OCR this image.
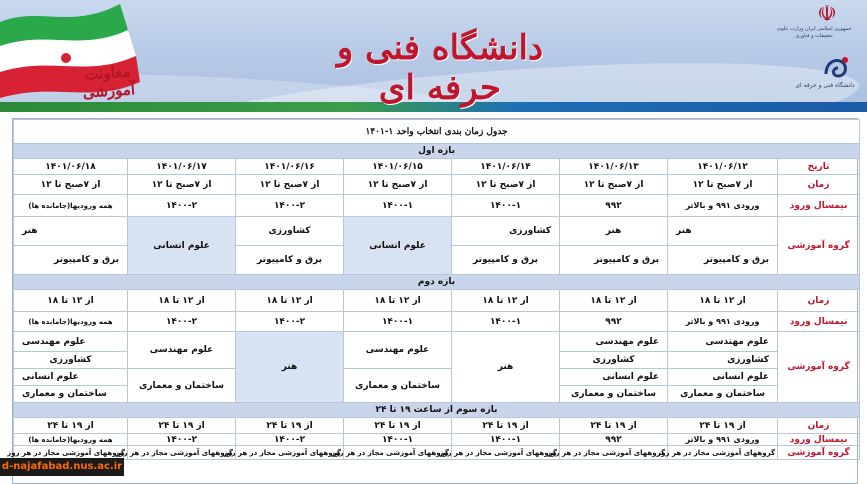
دانشگاه فنی و حرفه ای
معاونت آموزشی
☫
جمهوری اسلامی ایران وزارت علوم، تحقیقات و فناوری
دانشگاه فنی و حرفه ای
جدول زمان بندی انتخاب واحد ۱-۱۴۰۱							
بازه اول							
تاریخ	۱۴۰۱/۰۶/۱۲	۱۴۰۱/۰۶/۱۳	۱۴۰۱/۰۶/۱۴	۱۴۰۱/۰۶/۱۵	۱۴۰۱/۰۶/۱۶	۱۴۰۱/۰۶/۱۷	۱۴۰۱/۰۶/۱۸
زمان	از ۷صبح تا ۱۲	از ۷صبح تا ۱۲	از ۷صبح تا ۱۲	از ۷صبح تا ۱۲	از ۷صبح تا ۱۲	از ۷صبح تا ۱۲	از ۷صبح تا ۱۲
نیمسال ورود	ورودی ۹۹۱ و بالاتر	۹۹۲	۱۴۰۰-۱	۱۴۰۰-۱	۱۴۰۰-۲	۱۴۰۰-۲	همه ورودیها(جامانده ها)
گروه آموزشی	هنر	هنر	کشاورزی	علوم انسانی	کشاورزی	علوم انسانی	هنر
	برق و کامپیوتر	برق و کامپیوتر	برق و کامپیوتر		برق و کامپیوتر		برق و کامپیوتر
بازه دوم							
زمان	از ۱۲ تا ۱۸	از ۱۲ تا ۱۸	از ۱۲ تا ۱۸	از ۱۲ تا ۱۸	از ۱۲ تا ۱۸	از ۱۲ تا ۱۸	از ۱۲ تا ۱۸
نیمسال ورود	ورودی ۹۹۱ و بالاتر	۹۹۲	۱۴۰۰-۱	۱۴۰۰-۱	۱۴۰۰-۲	۱۴۰۰-۲	همه ورودیها(جامانده ها)
گروه آموزشی	علوم مهندسی	علوم مهندسی	هنر	علوم مهندسی	هنر	علوم مهندسی	علوم مهندسی
	کشاورزی	کشاورزی					کشاورزی
	علوم انسانی	علوم انسانی		ساختمان و معماری		ساختمان و معماری	علوم انسانی
	ساختمان و معماری	ساختمان و معماری					ساختمان و معماری
بازه سوم از ساعت ۱۹ تا ۲۴							
زمان	از ۱۹ تا ۲۴	از ۱۹ تا ۲۴	از ۱۹ تا ۲۴	از ۱۹ تا ۲۴	از ۱۹ تا ۲۴	از ۱۹ تا ۲۴	از ۱۹ تا ۲۴
نیمسال ورود	ورودی ۹۹۱ و بالاتر	۹۹۲	۱۴۰۰-۱	۱۴۰۰-۱	۱۴۰۰-۲	۱۴۰۰-۲	همه ورودیها(جامانده ها)
گروه آموزشی	گروههای آموزشی مجاز در هر روز	گروههای آموزشی مجاز در هر روز	گروههای آموزشی مجاز در هر روز	گروههای آموزشی مجاز در هر روز	گروههای آموزشی مجاز در هر روز	گروههای آموزشی مجاز در هر روز	گروههای آموزشی مجاز در هر روز
d-najafabad.nus.ac.ir
